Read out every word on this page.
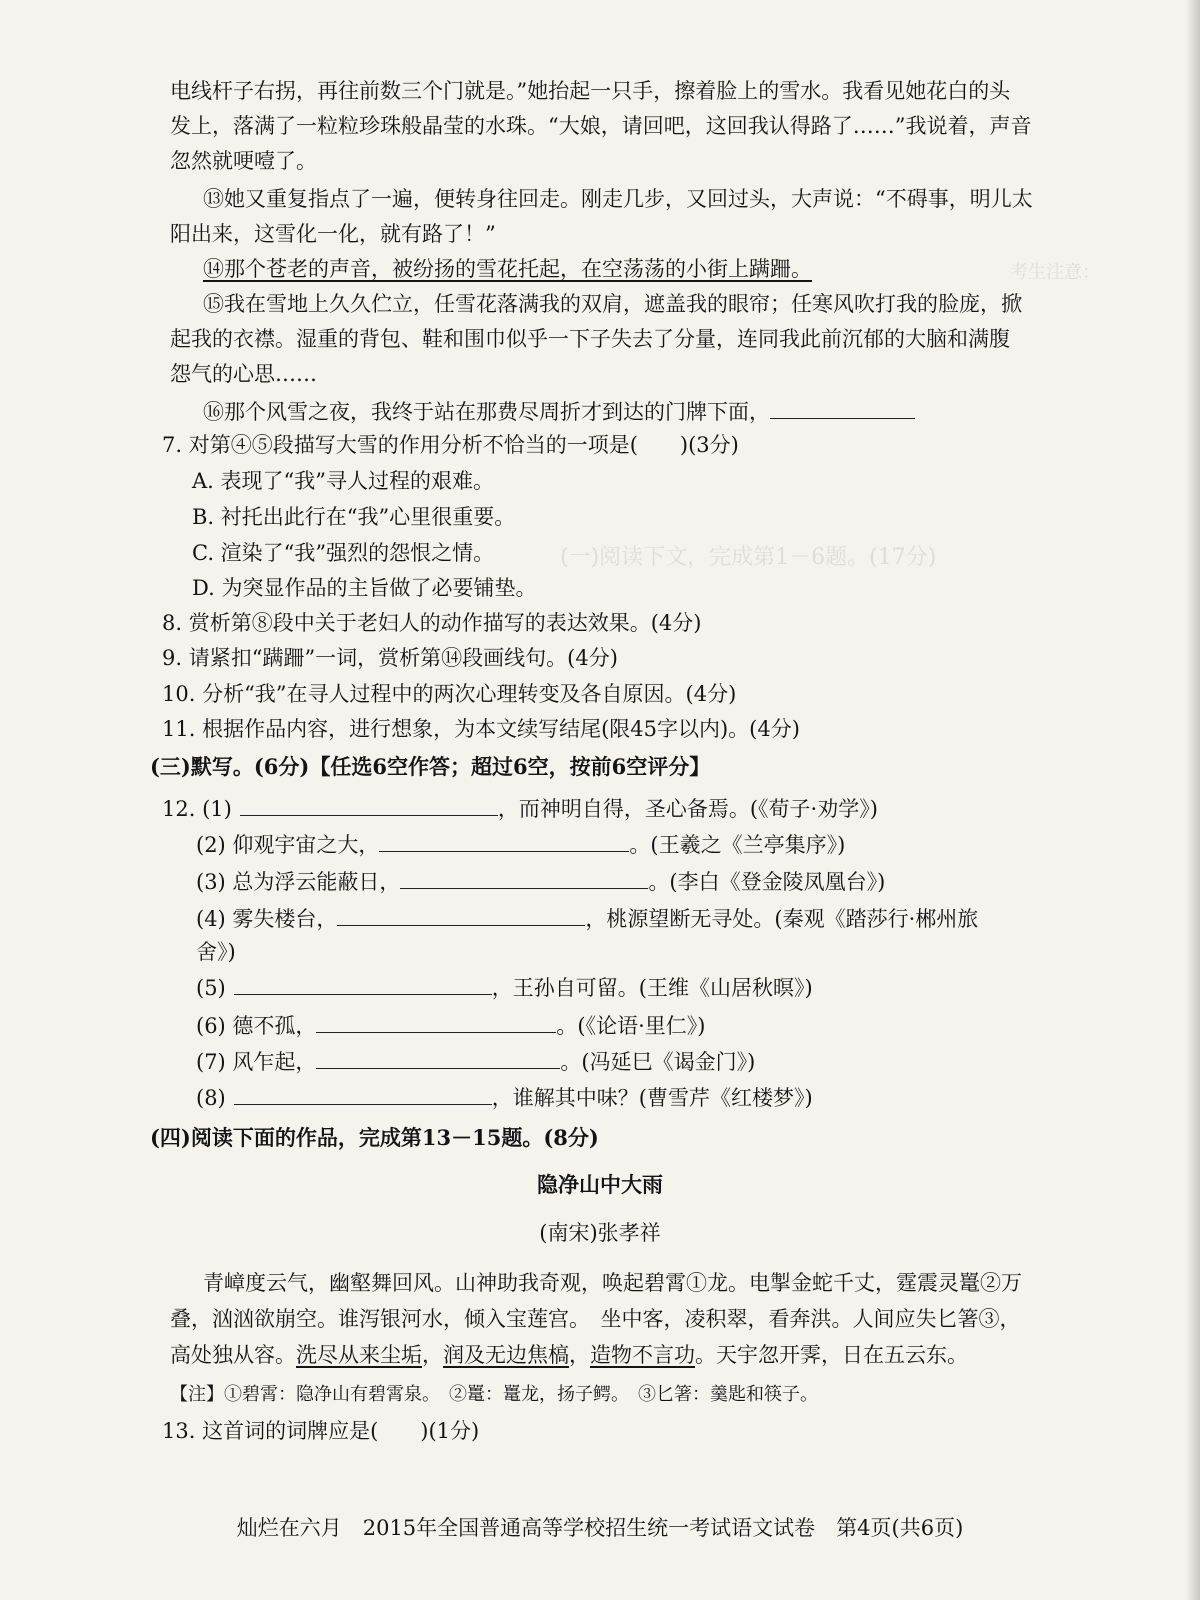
考生注意：
(一)阅读下文，完成第1－6题。(17分)
电线杆子右拐，再往前数三个门就是。”她抬起一只手，擦着脸上的雪水。我看见她花白的头
发上，落满了一粒粒珍珠般晶莹的水珠。“大娘，请回吧，这回我认得路了……”我说着，声音
忽然就哽噎了。
⑬她又重复指点了一遍，便转身往回走。刚走几步，又回过头，大声说：“不碍事，明儿太
阳出来，这雪化一化，就有路了！”
⑭那个苍老的声音，被纷扬的雪花托起，在空荡荡的小街上蹒跚。
⑮我在雪地上久久伫立，任雪花落满我的双肩，遮盖我的眼帘；任寒风吹打我的脸庞，掀
起我的衣襟。湿重的背包、鞋和围巾似乎一下子失去了分量，连同我此前沉郁的大脑和满腹
怨气的心思……
⑯那个风雪之夜，我终于站在那费尽周折才到达的门牌下面，
7. 对第④⑤段描写大雪的作用分析不恰当的一项是(　　)(3分)
A. 表现了“我”寻人过程的艰难。
B. 衬托出此行在“我”心里很重要。
C. 渲染了“我”强烈的怨恨之情。
D. 为突显作品的主旨做了必要铺垫。
8. 赏析第⑧段中关于老妇人的动作描写的表达效果。(4分)
9. 请紧扣“蹒跚”一词，赏析第⑭段画线句。(4分)
10. 分析“我”在寻人过程中的两次心理转变及各自原因。(4分)
11. 根据作品内容，进行想象，为本文续写结尾(限45字以内)。(4分)
(三)默写。(6分)【任选6空作答；超过6空，按前6空评分】
12. (1)	，而神明自得，圣心备焉。(《荀子·劝学》)
(2) 仰观宇宙之大，	。(王羲之《兰亭集序》)
(3) 总为浮云能蔽日，	。(李白《登金陵凤凰台》)
(4) 雾失楼台，	，桃源望断无寻处。(秦观《踏莎行·郴州旅
舍》)
(5)	，王孙自可留。(王维《山居秋暝》)
(6) 德不孤，	。(《论语·里仁》)
(7) 风乍起，	。(冯延巳《谒金门》)
(8)	，谁解其中味？(曹雪芹《红楼梦》)
(四)阅读下面的作品，完成第13－15题。(8分)
隐净山中大雨
(南宋)张孝祥
青嶂度云气，幽壑舞回风。山神助我奇观，唤起碧霄①龙。电掣金蛇千丈，霆震灵鼍②万
叠，汹汹欲崩空。谁泻银河水，倾入宝莲宫。　坐中客，凌积翠，看奔洪。人间应失匕箸③，
高处独从容。洗尽从来尘垢，润及无边焦槁，造物不言功。天宇忽开霁，日在五云东。
【注】①碧霄：隐净山有碧霄泉。　②鼍：鼍龙，扬子鳄。　③匕箸：羹匙和筷子。
13. 这首词的词牌应是(　　)(1分)
灿烂在六月　2015年全国普通高等学校招生统一考试语文试卷　第4页(共6页)
